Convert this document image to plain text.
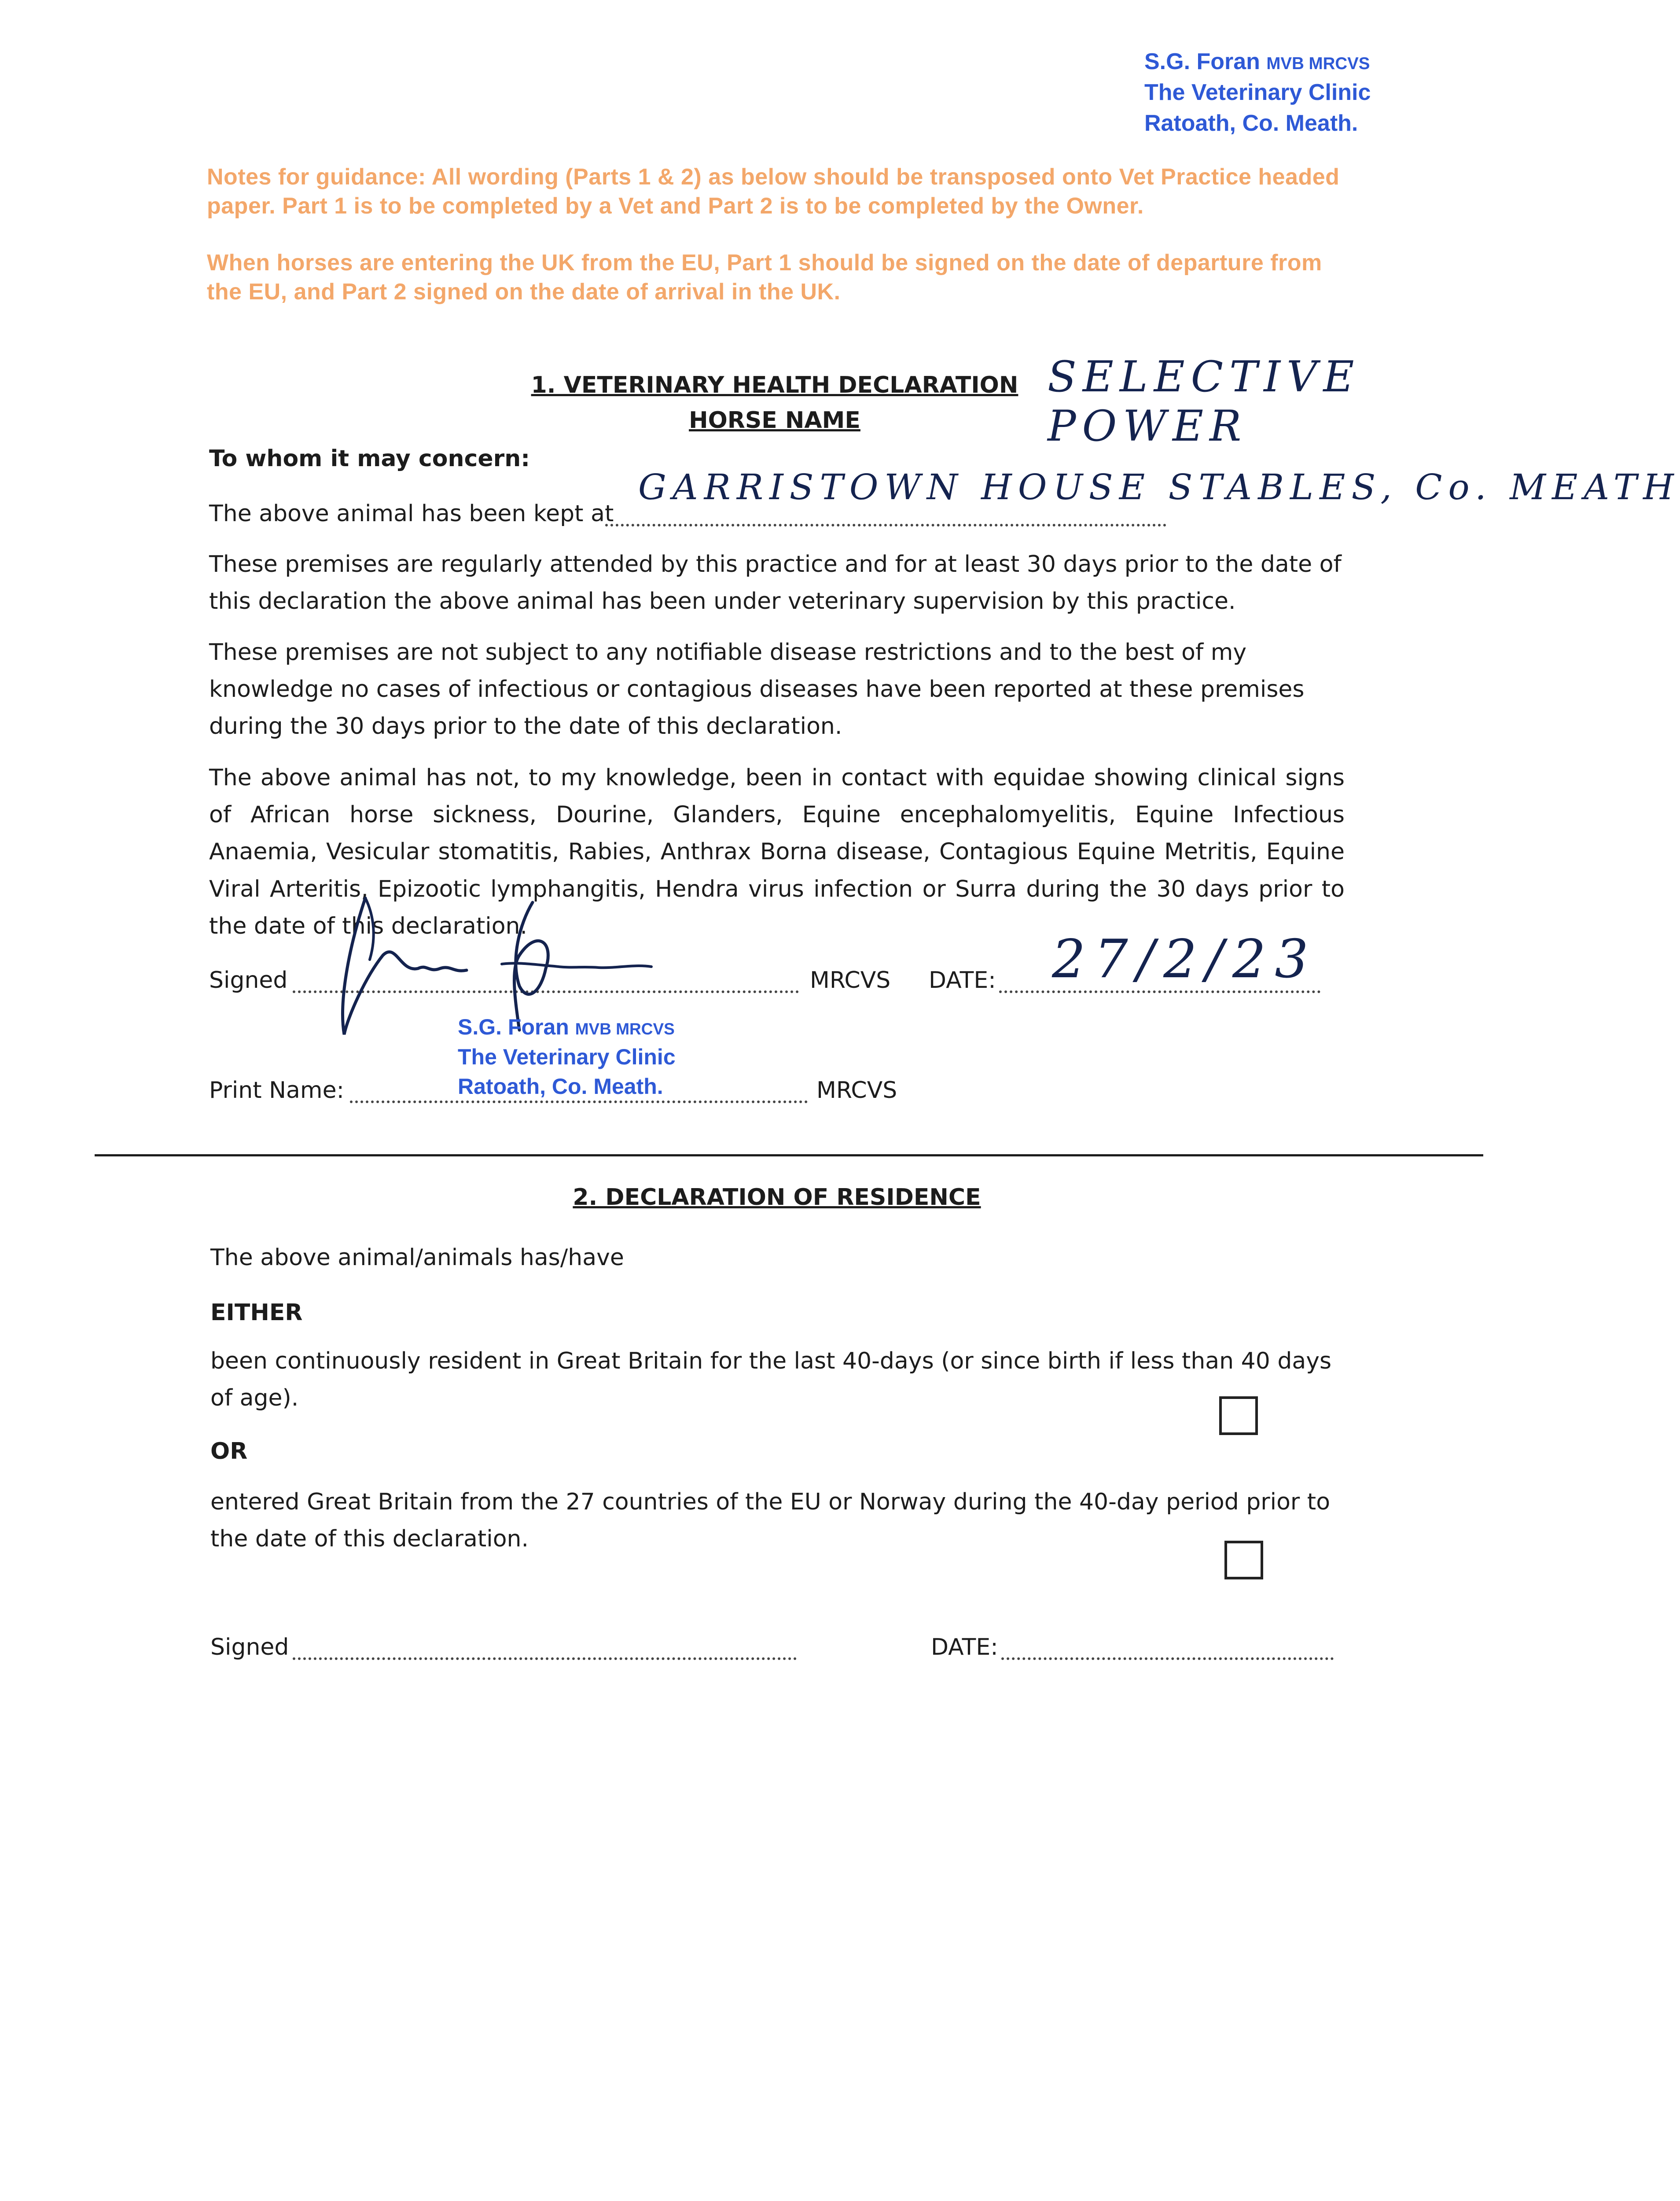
S.G. Foran MVB MRCVS
The Veterinary Clinic
Ratoath, Co. Meath.
Notes for guidance: All wording (Parts 1 & 2) as below should be transposed onto Vet Practice headed paper. Part 1 is to be completed by a Vet and Part 2 is to be completed by the Owner.
When horses are entering the UK from the EU, Part 1 should be signed on the date of departure from the EU, and Part 2 signed on the date of arrival in the UK.
1. VETERINARY HEALTH DECLARATION
HORSE NAME
SELECTIVE POWER
To whom it may concern:
The above animal has been kept at
GARRISTOWN HOUSE STABLES, Co. MEATH
These premises are regularly attended by this practice and for at least 30 days prior to the date of this declaration the above animal has been under veterinary supervision by this practice.
These premises are not subject to any notifiable disease restrictions and to the best of my knowledge no cases of infectious or contagious diseases have been reported at these premises during the 30 days prior to the date of this declaration.
The above animal has not, to my knowledge, been in contact with equidae showing clinical signs of African horse sickness, Dourine, Glanders, Equine encephalomyelitis, Equine Infectious Anaemia, Vesicular stomatitis, Rabies, Anthrax Borna disease, Contagious Equine Metritis, Equine Viral Arteritis, Epizootic lymphangitis, Hendra virus infection or Surra during the 30 days prior to the date of this declaration.
Signed	MRCVS DATE: 27/2/23
S.G. Foran MVB MRCVS
The Veterinary Clinic
Ratoath, Co. Meath.
Print Name:	MRCVS
2. DECLARATION OF RESIDENCE
The above animal/animals has/have
EITHER
been continuously resident in Great Britain for the last 40-days (or since birth if less than 40 days of age).
OR
entered Great Britain from the 27 countries of the EU or Norway during the 40-day period prior to the date of this declaration.
Signed	DATE:
